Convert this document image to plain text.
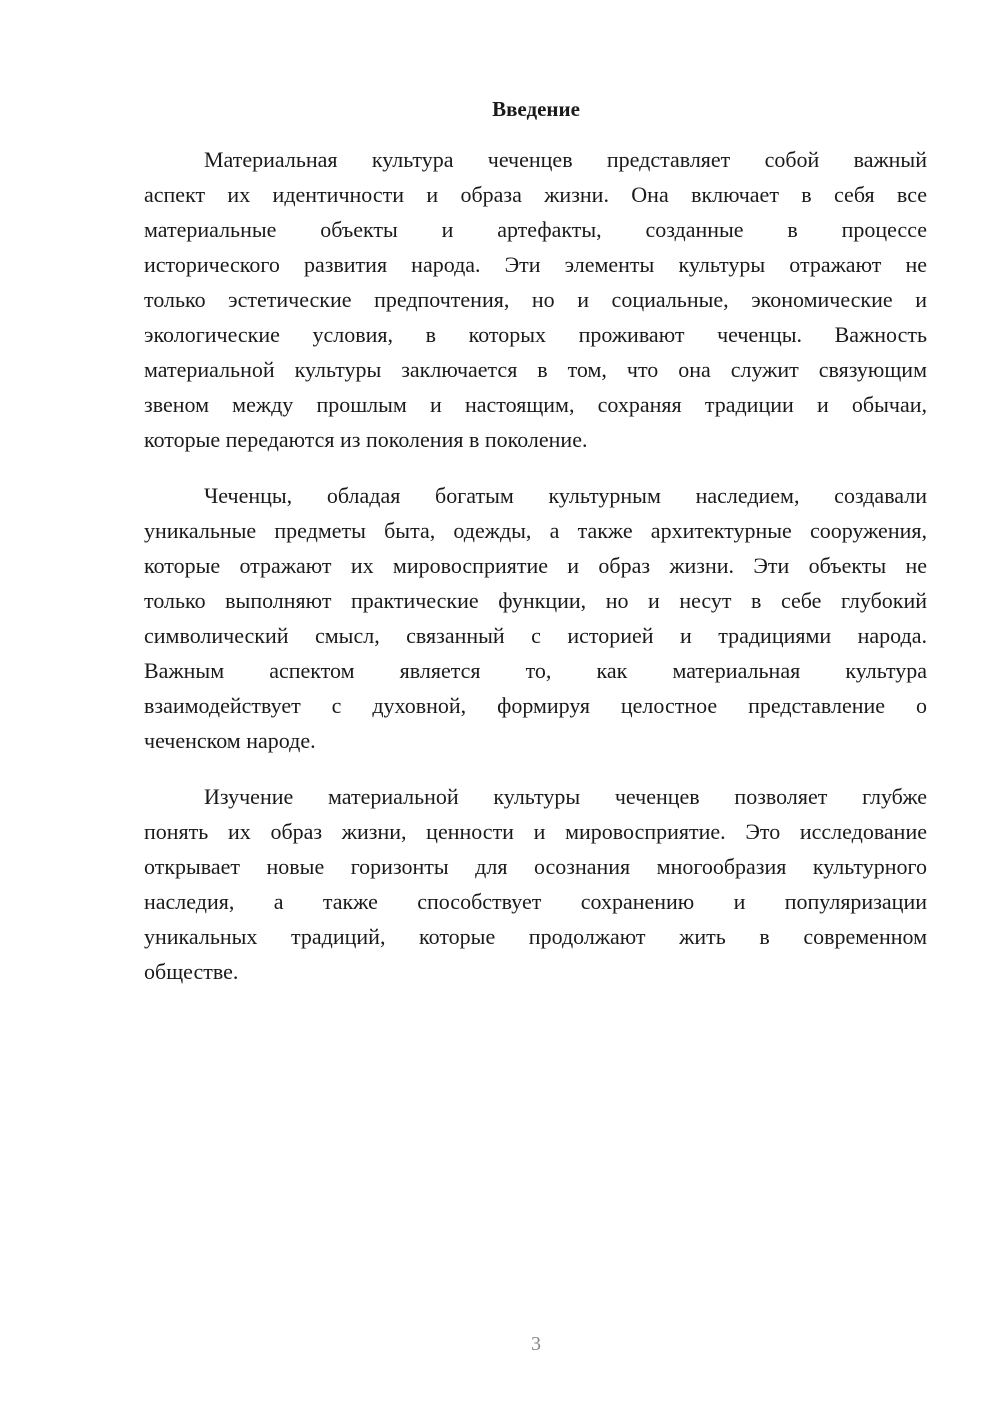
Введение
Материальная культура чеченцев представляет собой важный
аспект их идентичности и образа жизни. Она включает в себя все
материальные объекты и артефакты, созданные в процессе
исторического развития народа. Эти элементы культуры отражают не
только эстетические предпочтения, но и социальные, экономические и
экологические условия, в которых проживают чеченцы. Важность
материальной культуры заключается в том, что она служит связующим
звеном между прошлым и настоящим, сохраняя традиции и обычаи,
которые передаются из поколения в поколение.
Чеченцы, обладая богатым культурным наследием, создавали
уникальные предметы быта, одежды, а также архитектурные сооружения,
которые отражают их мировосприятие и образ жизни. Эти объекты не
только выполняют практические функции, но и несут в себе глубокий
символический смысл, связанный с историей и традициями народа.
Важным аспектом является то, как материальная культура
взаимодействует с духовной, формируя целостное представление о
чеченском народе.
Изучение материальной культуры чеченцев позволяет глубже
понять их образ жизни, ценности и мировосприятие. Это исследование
открывает новые горизонты для осознания многообразия культурного
наследия, а также способствует сохранению и популяризации
уникальных традиций, которые продолжают жить в современном
обществе.
3
